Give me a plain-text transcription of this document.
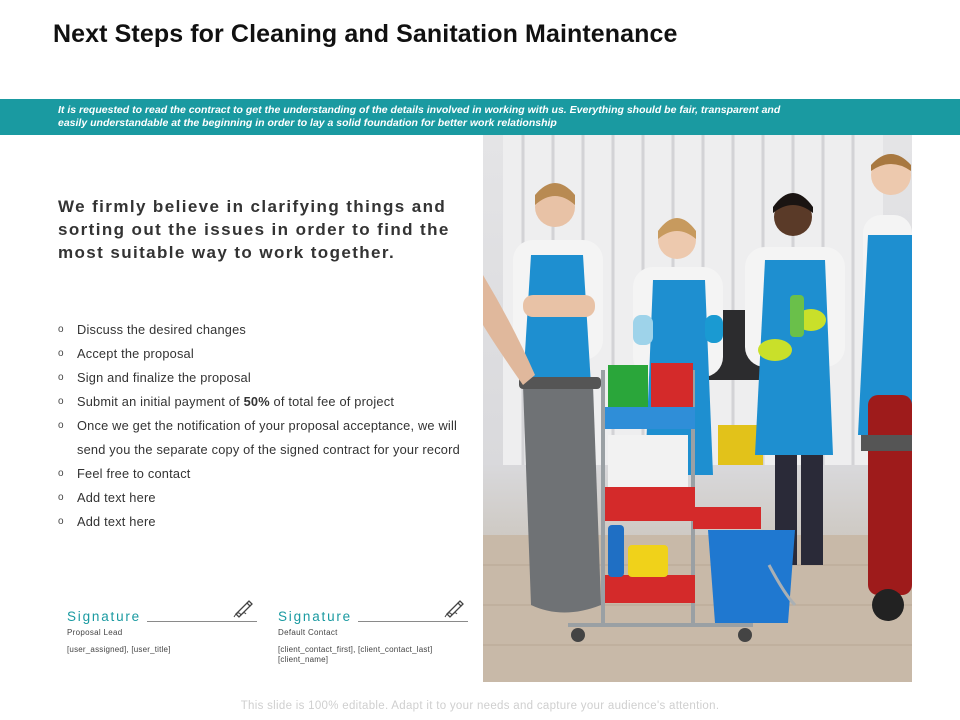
Next Steps for Cleaning and Sanitation Maintenance
It is requested to read the contract to get the understanding of the details involved in working with us. Everything should be fair, transparent and
easily understandable at the beginning in order to lay a solid foundation for better work relationship
We firmly believe in clarifying things and sorting out the issues in order to find the most suitable way to work together.
o Discuss the desired changes
o Accept the proposal
o Sign and finalize the proposal
o Submit an initial payment of 50% of total fee of project
o Once we get the notification of your proposal acceptance, we will send you the separate copy of the signed contract for your record
o Feel free to contact
o Add text here
o Add text here
Signature
Proposal Lead
[user_assigned], [user_title]
Signature
Default Contact
[client_contact_first], [client_contact_last] [client_name]
This slide is 100% editable. Adapt it to your needs and capture your audience's attention.
